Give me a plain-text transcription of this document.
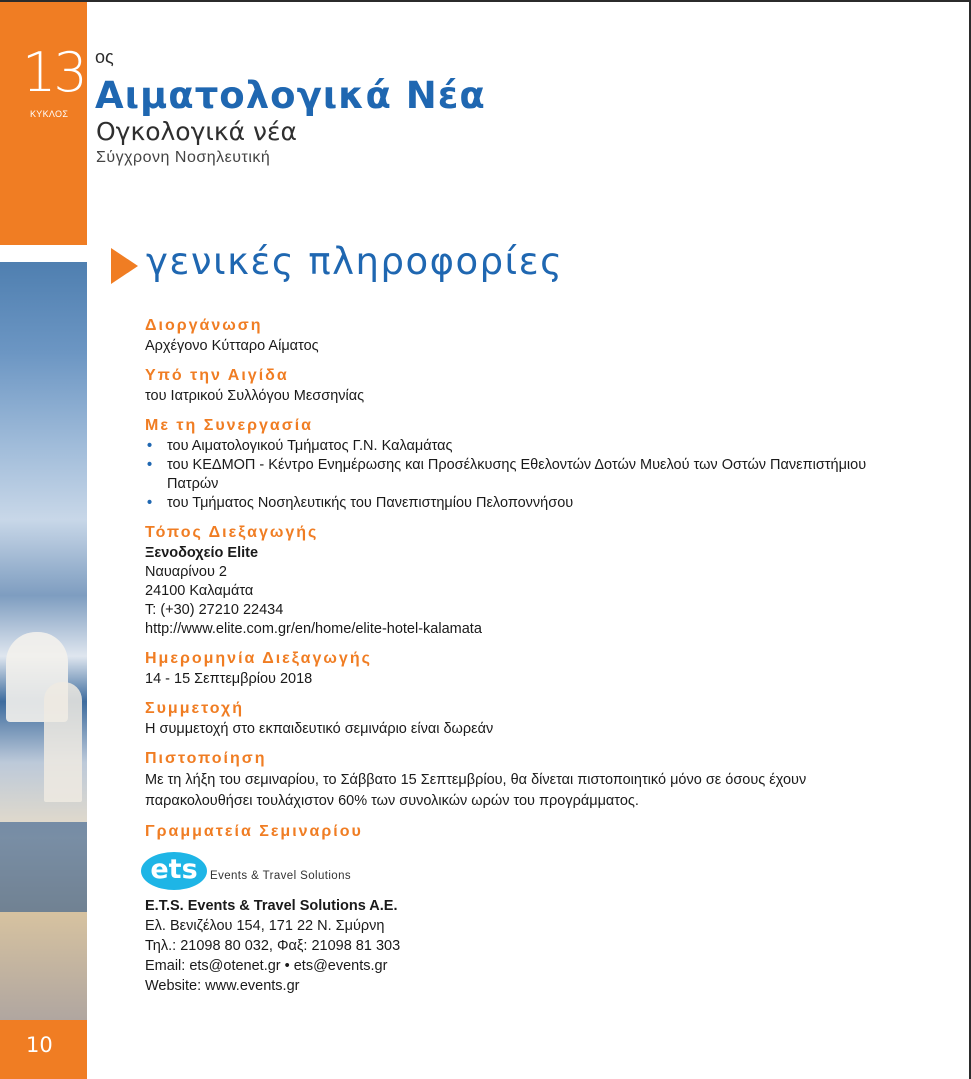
13
ΚΥΚΛΟΣ
ος
Αιματολογικά Νέα
Ογκολογικά νέα
Σύγχρονη Νοσηλευτική
10
γενικές πληροφορίες
Διοργάνωση
Αρχέγονο Κύτταρο Αίματος
Υπό την Αιγίδα
του Ιατρικού Συλλόγου Μεσσηνίας
Με τη Συνεργασία
• του Αιματολογικού Τμήματος Γ.Ν. Καλαμάτας
• του ΚΕΔΜΟΠ - Κέντρο Ενημέρωσης και Προσέλκυσης Εθελοντών Δοτών Μυελού των Οστών Πανεπιστήμιου Πατρών
• του Τμήματος Νοσηλευτικής του Πανεπιστημίου Πελοποννήσου
Τόπος Διεξαγωγής
Ξενοδοχείο Elite
Ναυαρίνου 2
24100 Καλαμάτα
Τ: (+30) 27210 22434
http://www.elite.com.gr/en/home/elite-hotel-kalamata
Ημερομηνία Διεξαγωγής
14 - 15 Σεπτεμβρίου 2018
Συμμετοχή
Η συμμετοχή στο εκπαιδευτικό σεμινάριο είναι δωρεάν
Πιστοποίηση
Με τη λήξη του σεμιναρίου, το Σάββατο 15 Σεπτεμβρίου, θα δίνεται πιστοποιητικό μόνο σε όσους έχουν παρακολουθήσει τουλάχιστον 60% των συνολικών ωρών του προγράμματος.
Γραμματεία Σεμιναρίου
ets	Events & Travel Solutions
E.T.S. Events & Travel Solutions A.E.
Ελ. Βενιζέλου 154, 171 22 Ν. Σμύρνη
Τηλ.: 21098 80 032, Φαξ: 21098 81 303
Email: ets@otenet.gr • ets@events.gr
Website: www.events.gr
